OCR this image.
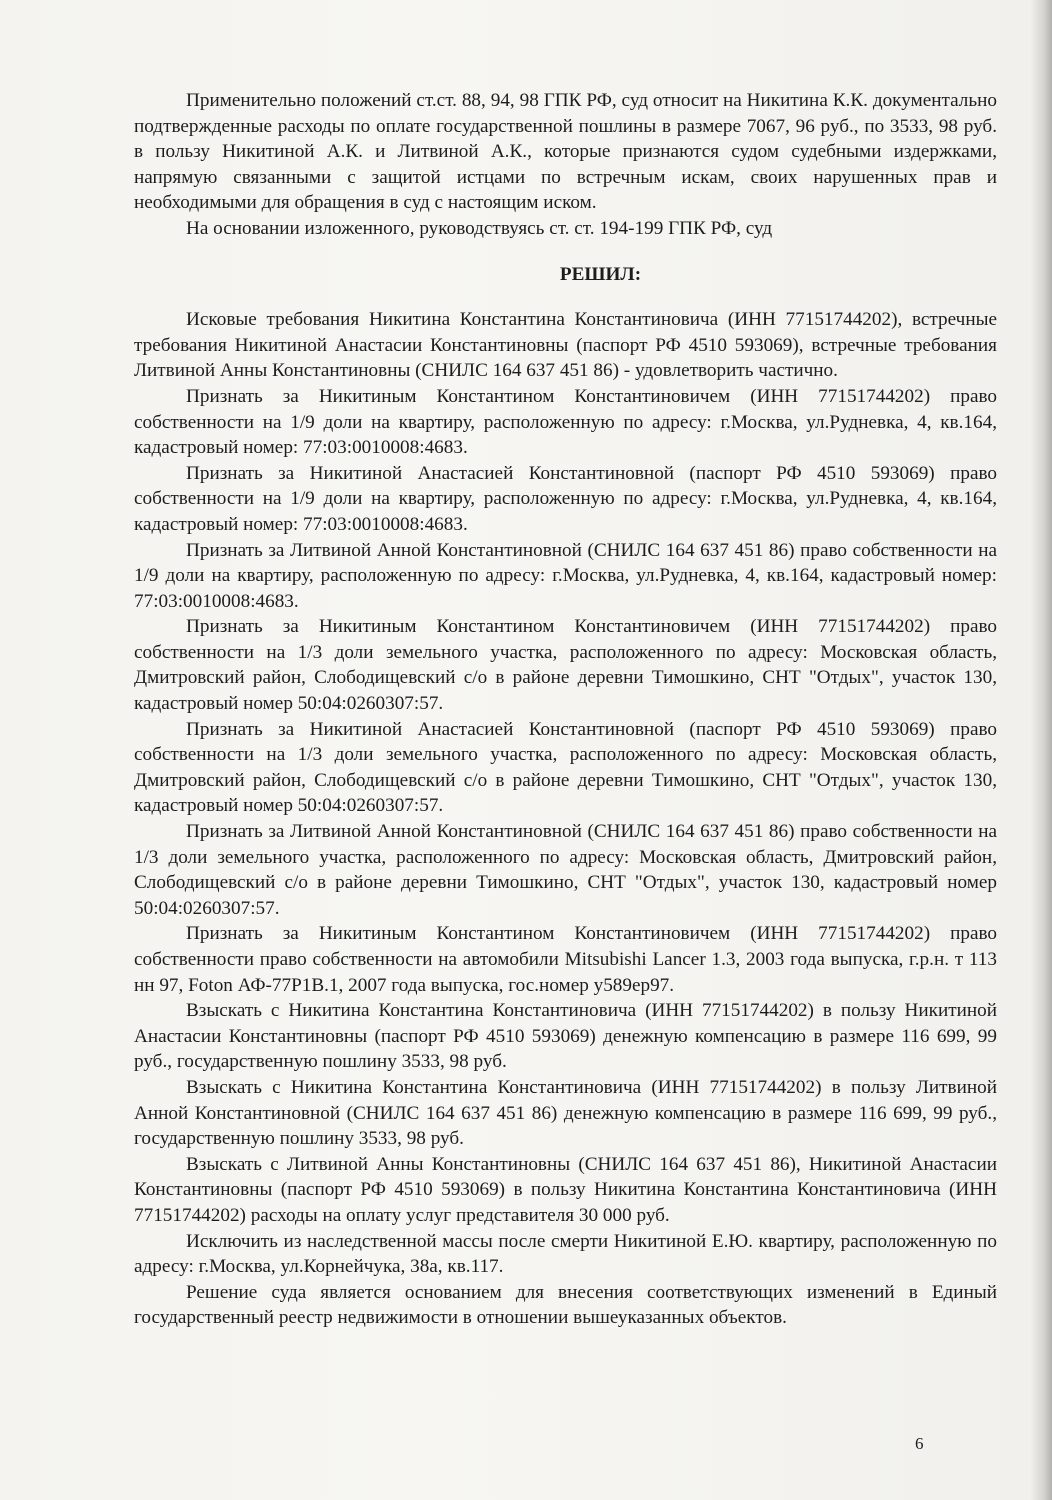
Применительно положений ст.ст. 88, 94, 98 ГПК РФ, суд относит на Никитина К.К. документально подтвержденные расходы по оплате государственной пошлины в размере 7067, 96 руб., по 3533, 98 руб. в пользу Никитиной А.К. и Литвиной А.К., которые признаются судом судебными издержками, напрямую связанными с защитой истцами по встречным искам, своих нарушенных прав и необходимыми для обращения в суд с настоящим иском.

На основании изложенного, руководствуясь ст. ст. 194-199 ГПК РФ, суд

РЕШИЛ:

Исковые требования Никитина Константина Константиновича (ИНН 77151744202), встречные требования Никитиной Анастасии Константиновны (паспорт РФ 4510 593069), встречные требования Литвиной Анны Константиновны (СНИЛС 164 637 451 86) - удовлетворить частично.

Признать за Никитиным Константином Константиновичем (ИНН 77151744202) право собственности на 1/9 доли на квартиру, расположенную по адресу: г.Москва, ул.Рудневка, 4, кв.164, кадастровый номер: 77:03:0010008:4683.

Признать за Никитиной Анастасией Константиновной (паспорт РФ 4510 593069) право собственности на 1/9 доли на квартиру, расположенную по адресу: г.Москва, ул.Рудневка, 4, кв.164, кадастровый номер: 77:03:0010008:4683.

Признать за Литвиной Анной Константиновной (СНИЛС 164 637 451 86) право собственности на 1/9 доли на квартиру, расположенную по адресу: г.Москва, ул.Рудневка, 4, кв.164, кадастровый номер: 77:03:0010008:4683.

Признать за Никитиным Константином Константиновичем (ИНН 77151744202) право собственности на 1/3 доли земельного участка, расположенного по адресу: Московская область, Дмитровский район, Слободищевский с/о в районе деревни Тимошкино, СНТ "Отдых", участок 130, кадастровый номер 50:04:0260307:57.

Признать за Никитиной Анастасией Константиновной (паспорт РФ 4510 593069) право собственности на 1/3 доли земельного участка, расположенного по адресу: Московская область, Дмитровский район, Слободищевский с/о в районе деревни Тимошкино, СНТ "Отдых", участок 130, кадастровый номер 50:04:0260307:57.

Признать за Литвиной Анной Константиновной (СНИЛС 164 637 451 86) право собственности на 1/3 доли земельного участка, расположенного по адресу: Московская область, Дмитровский район, Слободищевский с/о в районе деревни Тимошкино, СНТ "Отдых", участок 130, кадастровый номер 50:04:0260307:57.

Признать за Никитиным Константином Константиновичем (ИНН 77151744202) право собственности право собственности на автомобили Mitsubishi Lancer 1.3, 2003 года выпуска, г.р.н. т 113 нн 97, Foton АФ-77Р1В.1, 2007 года выпуска, гос.номер у589ер97.

Взыскать с Никитина Константина Константиновича (ИНН 77151744202) в пользу Никитиной Анастасии Константиновны (паспорт РФ 4510 593069) денежную компенсацию в размере 116 699, 99 руб., государственную пошлину 3533, 98 руб.

Взыскать с Никитина Константина Константиновича (ИНН 77151744202) в пользу Литвиной Анной Константиновной (СНИЛС 164 637 451 86) денежную компенсацию в размере 116 699, 99 руб., государственную пошлину 3533, 98 руб.

Взыскать с Литвиной Анны Константиновны (СНИЛС 164 637 451 86), Никитиной Анастасии Константиновны (паспорт РФ 4510 593069) в пользу Никитина Константина Константиновича (ИНН 77151744202) расходы на оплату услуг представителя 30 000 руб.

Исключить из наследственной массы после смерти Никитиной Е.Ю. квартиру, расположенную по адресу: г.Москва, ул.Корнейчука, 38а, кв.117.

Решение суда является основанием для внесения соответствующих изменений в Единый государственный реестр недвижимости в отношении вышеуказанных объектов.

6
